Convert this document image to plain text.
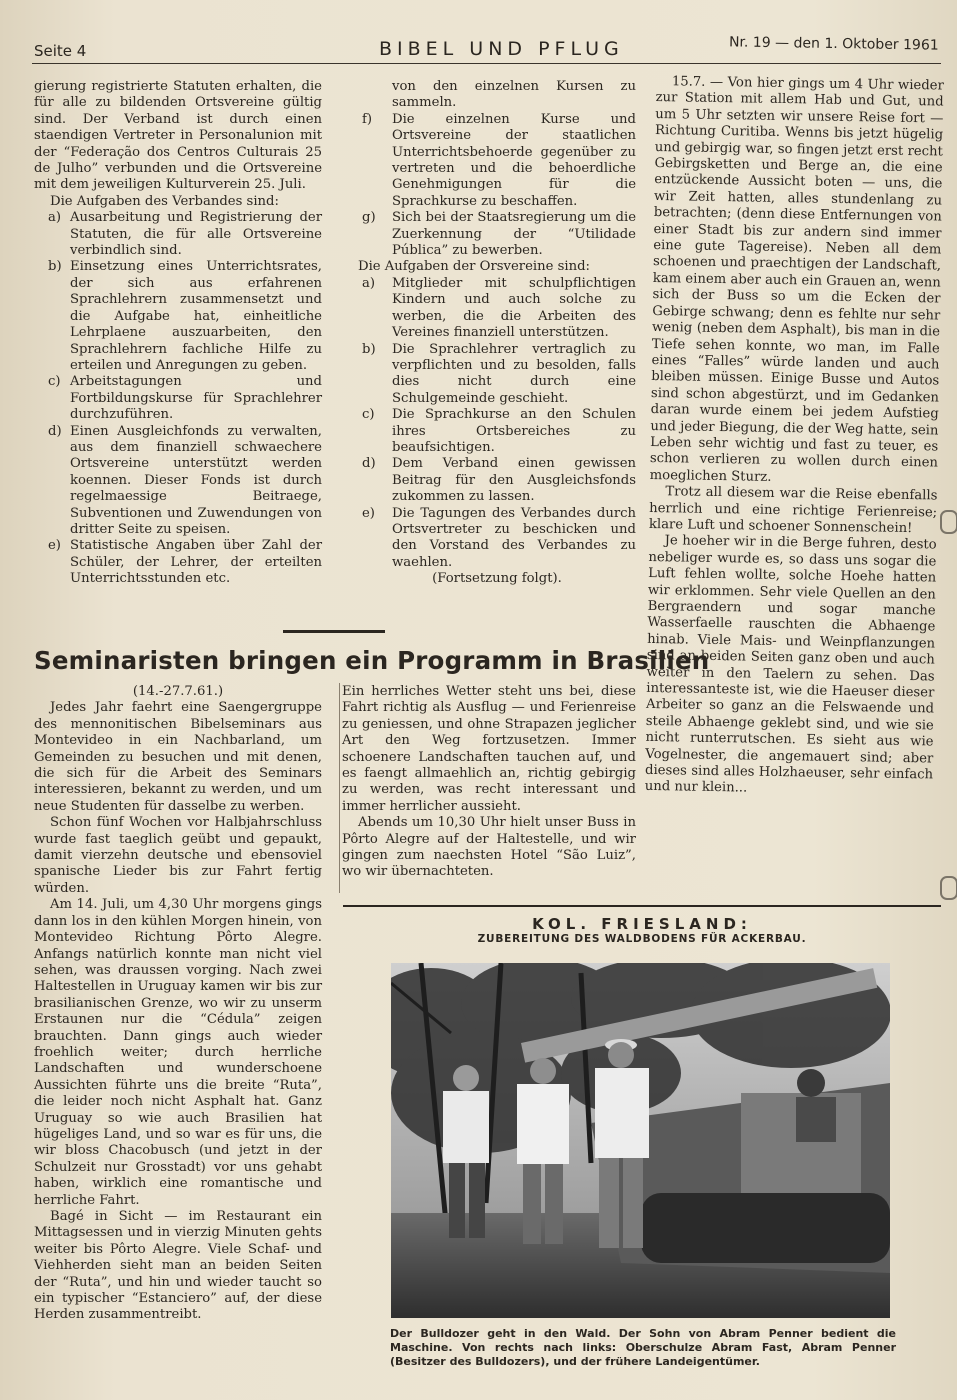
Seite 4	BIBEL UND PFLUG	Nr. 19 — den 1. Oktober 1961

gierung registrierte Statuten erhalten, die für alle zu bildenden Ortsvereine gültig sind. Der Verband ist durch einen staendigen Vertreter in Personalunion mit der “Federação dos Centros Culturais 25 de Julho” verbunden und die Ortsvereine mit dem jeweiligen Kulturverein 25. Juli.

Die Aufgaben des Verbandes sind:

a) Ausarbeitung und Registrierung der Statuten, die für alle Ortsvereine verbindlich sind.
b) Einsetzung eines Unterrichtsrates, der sich aus erfahrenen Sprachlehrern zusammensetzt und die Aufgabe hat, einheitliche Lehrplaene auszuarbeiten, den Sprachlehrern fachliche Hilfe zu erteilen und Anregungen zu geben.
c) Arbeitstagungen und Fortbildungskurse für Sprachlehrer durchzuführen.
d) Einen Ausgleichfonds zu verwalten, aus dem finanziell schwaechere Ortsvereine unterstützt werden koennen. Dieser Fonds ist durch regelmaessige Beitraege, Subventionen und Zuwendungen von dritter Seite zu speisen.
e) Statistische Angaben über Zahl der Schüler, der Lehrer, der erteilten Unterrichtsstunden etc.
von den einzelnen Kursen zu sammeln.
f)	Die einzelnen Kurse und Ortsvereine der staatlichen Unterrichtsbehoerde gegenüber zu vertreten und die behoerdliche Genehmigungen für die Sprachkurse zu beschaffen.
g)	Sich bei der Staatsregierung um die Zuerkennung der “Utilidade Pública” zu bewerben.

Die Aufgaben der Orsvereine sind:

a)	Mitglieder mit schulpflichtigen Kindern und auch solche zu werben, die die Arbeiten des Vereines finanziell unterstützen.
b)	Die Sprachlehrer vertraglich zu verpflichten und zu besolden, falls dies nicht durch eine Schulgemeinde geschieht.
c)	Die Sprachkurse an den Schulen ihres Ortsbereiches zu beaufsichtigen.
d)	Dem Verband einen gewissen Beitrag für den Ausgleichsfonds zukommen zu lassen.
e)	Die Tagungen des Verbandes durch Ortsvertreter zu beschicken und den Vorstand des Verbandes zu waehlen.

(Fortsetzung folgt).

15.7. — Von hier gings um 4 Uhr wieder zur Station mit allem Hab und Gut, und um 5 Uhr setzten wir unsere Reise fort — Richtung Curitiba. Wenns bis jetzt hügelig und gebirgig war, so fingen jetzt erst recht Gebirgsketten und Berge an, die eine entzückende Aussicht boten — uns, die wir Zeit hatten, alles stundenlang zu betrachten; (denn diese Entfernungen von einer Stadt bis zur andern sind immer eine gute Tagereise). Neben all dem schoenen und praechtigen der Landschaft, kam einem aber auch ein Grauen an, wenn sich der Buss so um die Ecken der Gebirge schwang; denn es fehlte nur sehr wenig (neben dem Asphalt), bis man in die Tiefe sehen konnte, wo man, im Falle eines “Falles” würde landen und auch bleiben müssen. Einige Busse und Autos sind schon abgestürzt, und im Gedanken daran wurde einem bei jedem Aufstieg und jeder Biegung, die der Weg hatte, sein Leben sehr wichtig und fast zu teuer, es schon verlieren zu wollen durch einen moeglichen Sturz.

Trotz all diesem war die Reise ebenfalls herrlich und eine richtige Ferienreise; klare Luft und schoener Sonnenschein!

Je hoeher wir in die Berge fuhren, desto nebeliger wurde es, so dass uns sogar die Luft fehlen wollte, solche Hoehe hatten wir erklommen. Sehr viele Quellen an den Bergraendern und sogar manche Wasserfaelle rauschten die Abhaenge hinab. Viele Mais- und Weinpflanzungen sind an beiden Seiten ganz oben und auch weiter in den Taelern zu sehen. Das interessanteste ist, wie die Haeuser dieser Arbeiter so ganz an die Felswaende und steile Abhaenge geklebt sind, und wie sie nicht runterrutschen. Es sieht aus wie Vogelnester, die angemauert sind; aber dieses sind alles Holzhaeuser, sehr einfach und nur klein...

Seminaristen bringen ein Programm in Brasilien

(14.-27.7.61.)

Jedes Jahr faehrt eine Saengergruppe des mennonitischen Bibelseminars aus Montevideo in ein Nachbarland, um Gemeinden zu besuchen und mit denen, die sich für die Arbeit des Seminars interessieren, bekannt zu werden, und um neue Studenten für dasselbe zu werben.

Schon fünf Wochen vor Halbjahrschluss wurde fast taeglich geübt und gepaukt, damit vierzehn deutsche und ebensoviel spanische Lieder bis zur Fahrt fertig würden.

Am 14. Juli, um 4,30 Uhr morgens gings dann los in den kühlen Morgen hinein, von Montevideo Richtung Pôrto Alegre. Anfangs natürlich konnte man nicht viel sehen, was draussen vorging. Nach zwei Haltestellen in Uruguay kamen wir bis zur brasilianischen Grenze, wo wir zu unserm Erstaunen nur die “Cédula” zeigen brauchten. Dann gings auch wieder froehlich weiter; durch herrliche Landschaften und wunderschoene Aussichten führte uns die breite “Ruta”, die leider noch nicht Asphalt hat. Ganz Uruguay so wie auch Brasilien hat hügeliges Land, und so war es für uns, die wir bloss Chacobusch (und jetzt in der Schulzeit nur Grosstadt) vor uns gehabt haben, wirklich eine romantische und herrliche Fahrt.

Bagé in Sicht — im Restaurant ein Mittagsessen und in vierzig Minuten gehts weiter bis Pôrto Alegre. Viele Schaf- und Viehherden sieht man an beiden Seiten der “Ruta”, und hin und wieder taucht so ein typischer “Estanciero” auf, der diese Herden zusammentreibt.

Ein herrliches Wetter steht uns bei, diese Fahrt richtig als Ausflug — und Ferienreise zu geniessen, und ohne Strapazen jeglicher Art den Weg fortzusetzen. Immer schoenere Landschaften tauchen auf, und es faengt allmaehlich an, richtig gebirgig zu werden, was recht interessant und immer herrlicher aussieht.

Abends um 10,30 Uhr hielt unser Buss in Pôrto Alegre auf der Haltestelle, und wir gingen zum naechsten Hotel “São Luiz”, wo wir übernachteten.

KOL. FRIESLAND:
ZUBEREITUNG DES WALDBODENS FÜR ACKERBAU.
Der Bulldozer geht in den Wald. Der Sohn von Abram Penner bedient die Maschine. Von rechts nach links: Oberschulze Abram Fast, Abram Penner (Besitzer des Bulldozers), und der frühere Landeigentümer.
